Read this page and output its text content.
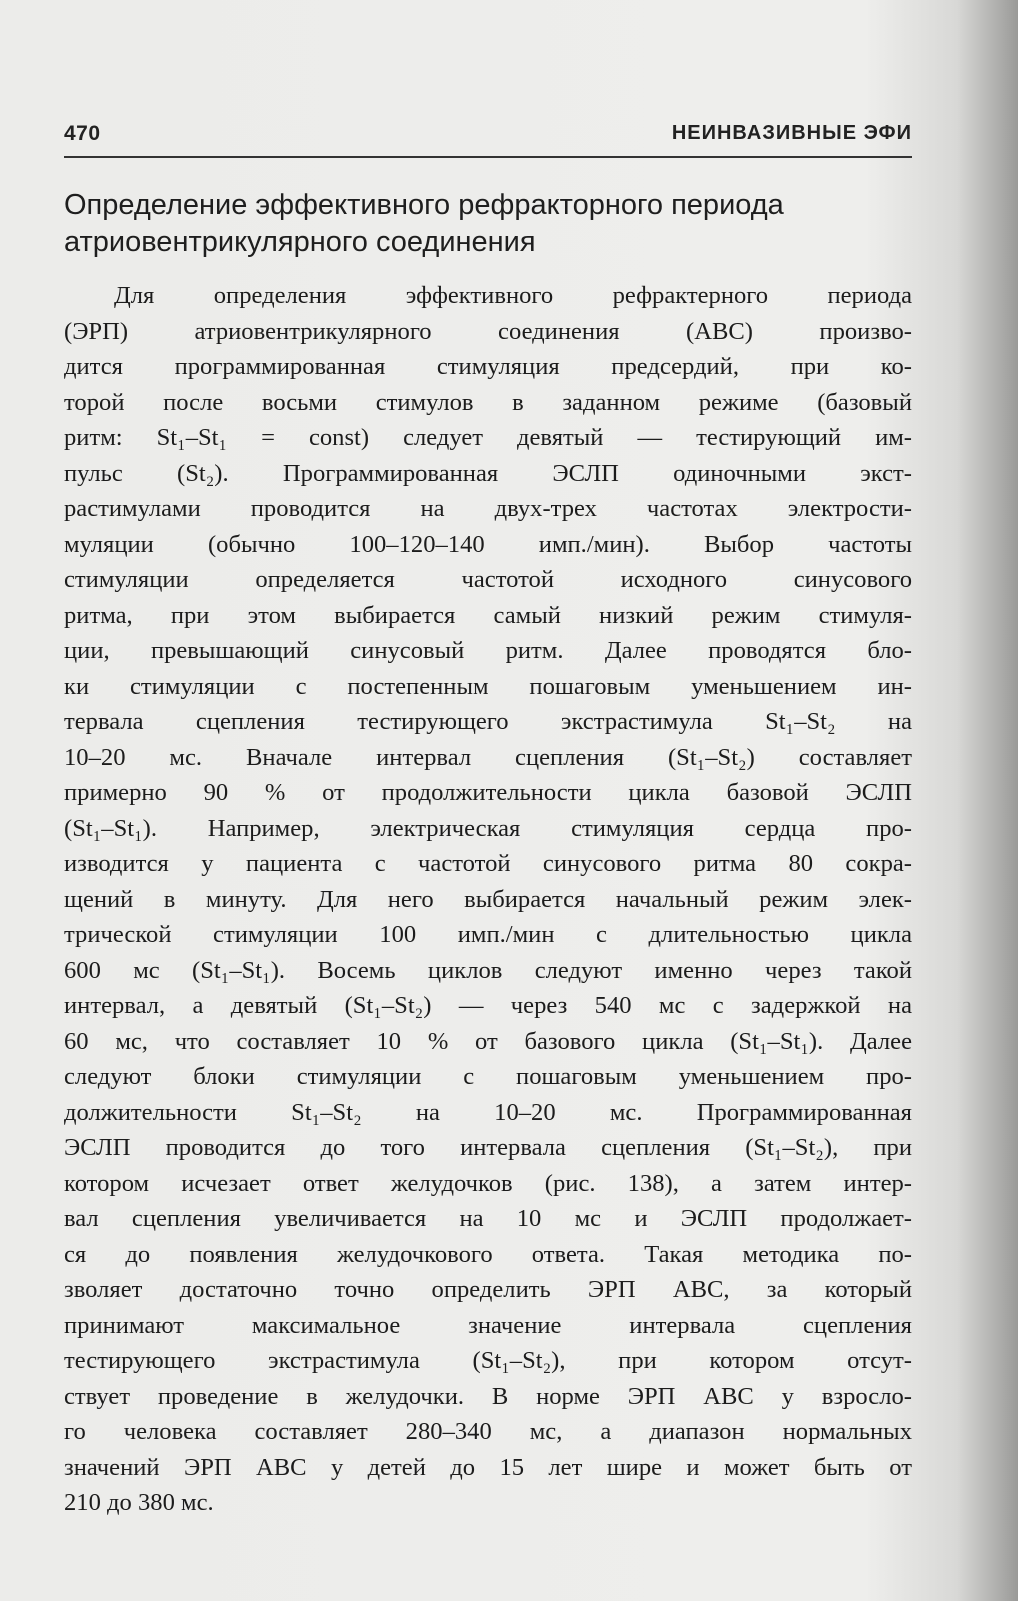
470	НЕИНВАЗИВНЫЕ ЭФИ
Определение эффективного рефракторного периода
атриовентрикулярного соединения
Для определения эффективного рефрактерного периода
(ЭРП) атриовентрикулярного соединения (АВС) произво-
дится программированная стимуляция предсердий, при ко-
торой после восьми стимулов в заданном режиме (базовый
ритм: St₁–St₁ = const) следует девятый — тестирующий им-
пульс (St₂). Программированная ЭСЛП одиночными экст-
растимулами проводится на двух-трех частотах электрости-
муляции (обычно 100–120–140 имп./мин). Выбор частоты
стимуляции определяется частотой исходного синусового
ритма, при этом выбирается самый низкий режим стимуля-
ции, превышающий синусовый ритм. Далее проводятся бло-
ки стимуляции с постепенным пошаговым уменьшением ин-
тервала сцепления тестирующего экстрастимула St₁–St₂ на
10–20 мс. Вначале интервал сцепления (St₁–St₂) составляет
примерно 90 % от продолжительности цикла базовой ЭСЛП
(St₁–St₁). Например, электрическая стимуляция сердца про-
изводится у пациента с частотой синусового ритма 80 сокра-
щений в минуту. Для него выбирается начальный режим элек-
трической стимуляции 100 имп./мин с длительностью цикла
600 мс (St₁–St₁). Восемь циклов следуют именно через такой
интервал, а девятый (St₁–St₂) — через 540 мс с задержкой на
60 мс, что составляет 10 % от базового цикла (St₁–St₁). Далее
следуют блоки стимуляции с пошаговым уменьшением про-
должительности St₁–St₂ на 10–20 мс. Программированная
ЭСЛП проводится до того интервала сцепления (St₁–St₂), при
котором исчезает ответ желудочков (рис. 138), а затем интер-
вал сцепления увеличивается на 10 мс и ЭСЛП продолжает-
ся до появления желудочкового ответа. Такая методика по-
зволяет достаточно точно определить ЭРП АВС, за который
принимают максимальное значение интервала сцепления
тестирующего экстрастимула (St₁–St₂), при котором отсут-
ствует проведение в желудочки. В норме ЭРП АВС у взросло-
го человека составляет 280–340 мс, а диапазон нормальных
значений ЭРП АВС у детей до 15 лет шире и может быть от
210 до 380 мс.
